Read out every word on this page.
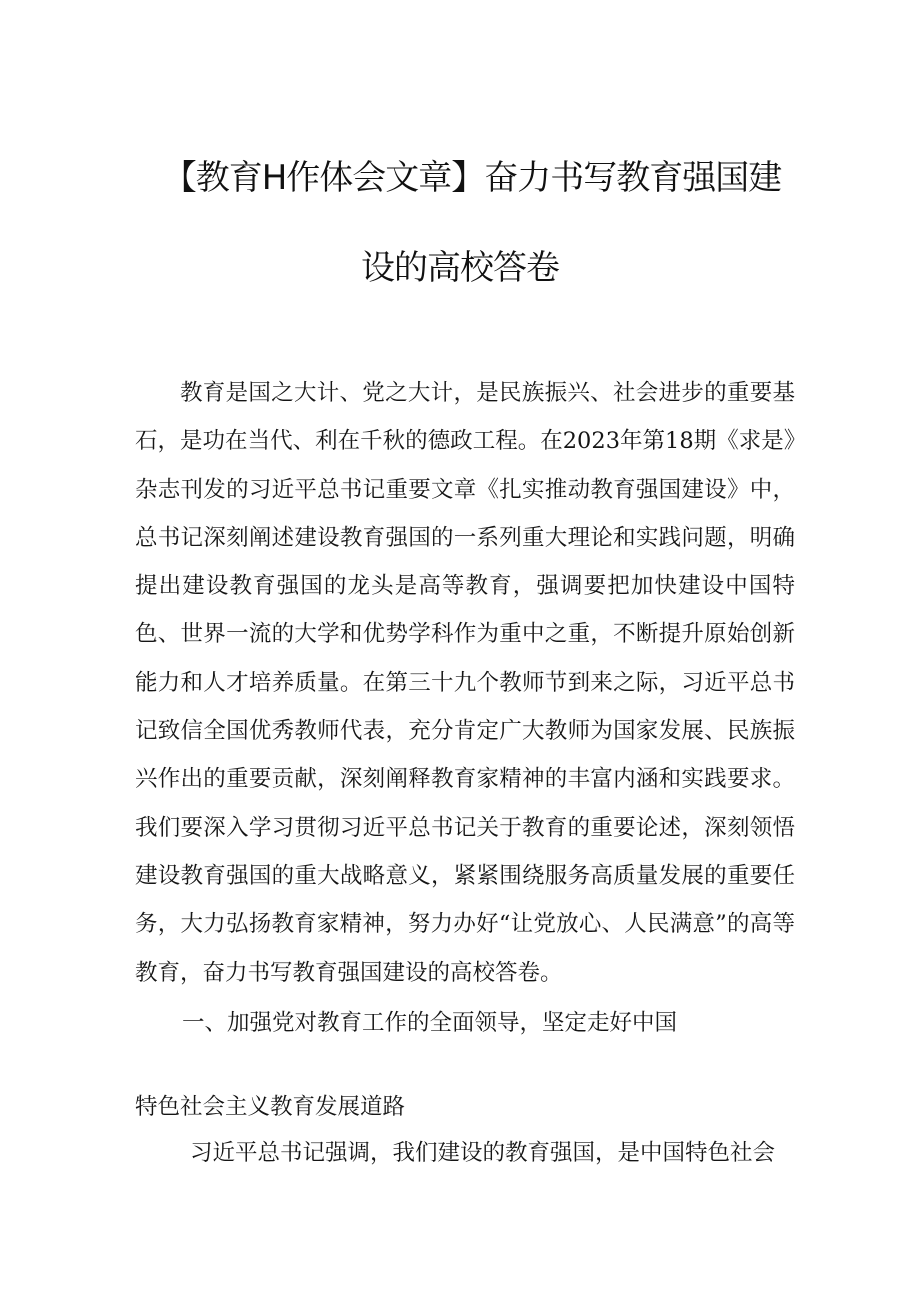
【教育H作体会文章】奋力书写教育强国建
设的高校答卷

教育是国之大计、党之大计，是民族振兴、社会进步的重要基石，是功在当代、利在千秋的德政工程。在2023年第18期《求是》杂志刊发的习近平总书记重要文章《扎实推动教育强国建设》中，总书记深刻阐述建设教育强国的一系列重大理论和实践问题，明确提出建设教育强国的龙头是高等教育，强调要把加快建设中国特色、世界一流的大学和优势学科作为重中之重，不断提升原始创新能力和人才培养质量。在第三十九个教师节到来之际，习近平总书记致信全国优秀教师代表，充分肯定广大教师为国家发展、民族振兴作出的重要贡献，深刻阐释教育家精神的丰富内涵和实践要求。我们要深入学习贯彻习近平总书记关于教育的重要论述，深刻领悟建设教育强国的重大战略意义，紧紧围绕服务高质量发展的重要任务，大力弘扬教育家精神，努力办好“让党放心、人民满意”的高等教育，奋力书写教育强国建设的高校答卷。

一、加强党对教育工作的全面领导，坚定走好中国

特色社会主义教育发展道路

习近平总书记强调，我们建设的教育强国，是中国特色社会
